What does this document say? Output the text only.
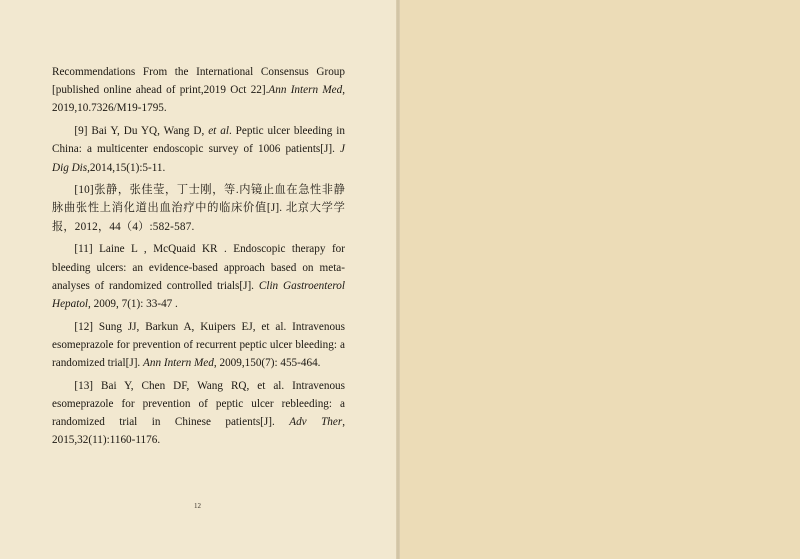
Recommendations From the International Consensus Group [published online ahead of print,2019 Oct 22].Ann Intern Med, 2019,10.7326/M19-1795.

[9] Bai Y, Du YQ, Wang D, et al. Peptic ulcer bleeding in China: a multicenter endoscopic survey of 1006 patients[J]. J Dig Dis,2014,15(1):5-11.

[10]张静，张佳莹，丁士刚，等.内镜止血在急性非静脉曲张性上消化道出血治疗中的临床价值[J]. 北京大学学报，2012，44（4）:582-587.

[11] Laine L , McQuaid KR . Endoscopic therapy for bleeding ulcers: an evidence-based approach based on meta-analyses of randomized controlled trials[J]. Clin Gastroenterol Hepatol, 2009, 7(1): 33-47 .

[12] Sung JJ, Barkun A, Kuipers EJ, et al. Intravenous esomeprazole for prevention of recurrent peptic ulcer bleeding: a randomized trial[J]. Ann Intern Med, 2009,150(7): 455-464.

[13] Bai Y, Chen DF, Wang RQ, et al. Intravenous esomeprazole for prevention of peptic ulcer rebleeding: a randomized trial in Chinese patients[J]. Adv Ther, 2015,32(11):1160-1176.

12
